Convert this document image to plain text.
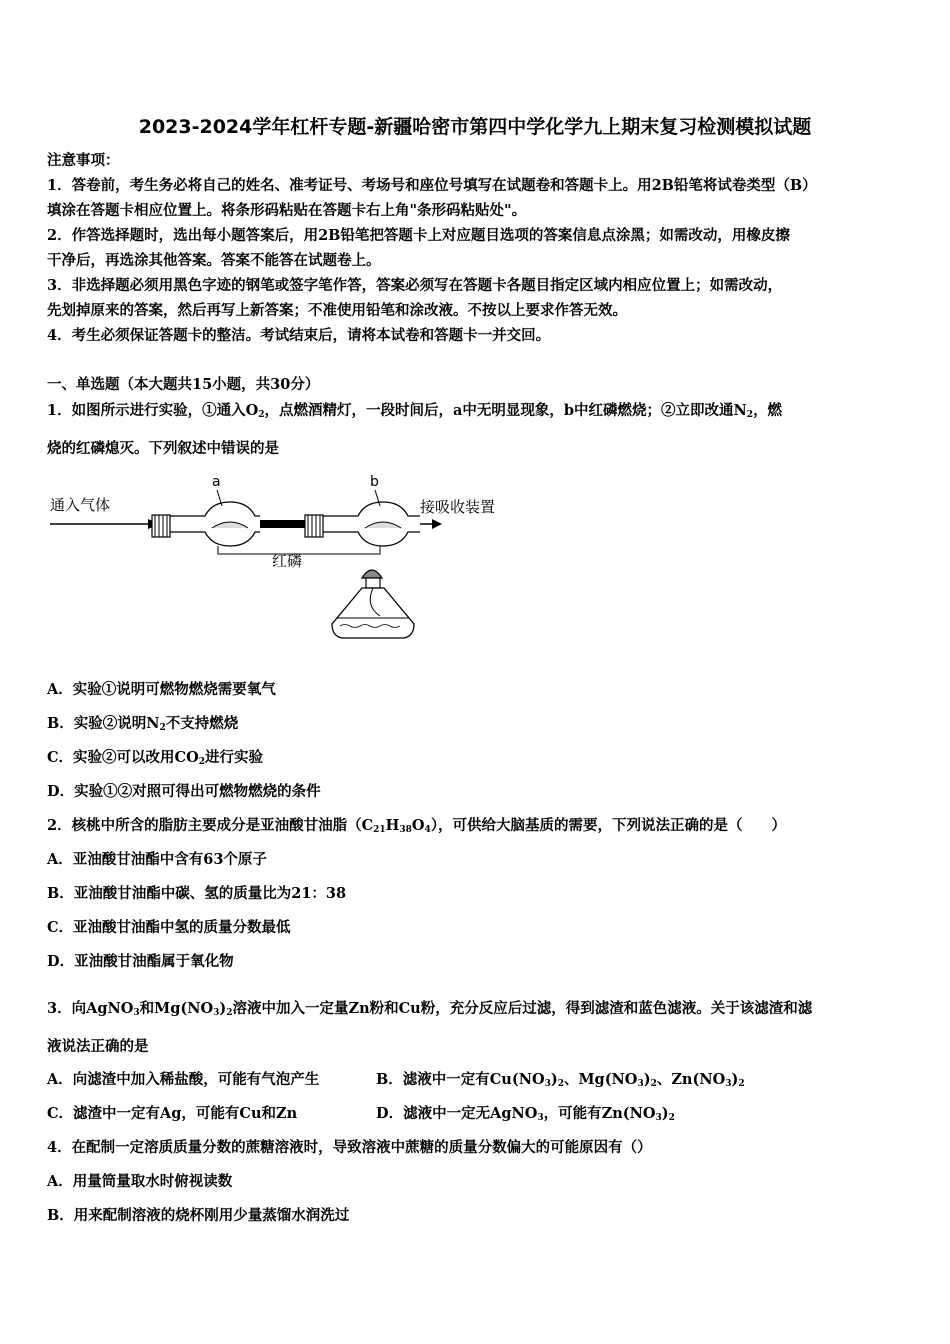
2023-2024学年杠杆专题-新疆哈密市第四中学化学九上期末复习检测模拟试题
注意事项：
1．答卷前，考生务必将自己的姓名、准考证号、考场号和座位号填写在试题卷和答题卡上。用2B铅笔将试卷类型（B）
填涂在答题卡相应位置上。将条形码粘贴在答题卡右上角"条形码粘贴处"。
2．作答选择题时，选出每小题答案后，用2B铅笔把答题卡上对应题目选项的答案信息点涂黑；如需改动，用橡皮擦
干净后，再选涂其他答案。答案不能答在试题卷上。
3．非选择题必须用黑色字迹的钢笔或签字笔作答，答案必须写在答题卡各题目指定区域内相应位置上；如需改动，
先划掉原来的答案，然后再写上新答案；不准使用铅笔和涂改液。不按以上要求作答无效。
4．考生必须保证答题卡的整洁。考试结束后，请将本试卷和答题卡一并交回。
一、单选题（本大题共15小题，共30分）
1．如图所示进行实验，①通入$O_2$，点燃酒精灯，一段时间后，a中无明显现象，b中红磷燃烧；②立即改通$N_2$，燃
烧的红磷熄灭。下列叙述中错误的是
通入气体
a	b
接吸收装置
红磷
A．实验①说明可燃物燃烧需要氧气
B．实验②说明$N_2$不支持燃烧
C．实验②可以改用$CO_2$进行实验
D．实验①②对照可得出可燃物燃烧的条件
2．核桃中所含的脂肪主要成分是亚油酸甘油脂$(C_{21}H_{38}O_4)$，可供给大脑基质的需要，下列说法正确的是（　　）
A．亚油酸甘油酯中含有63个原子
B．亚油酸甘油酯中碳、氢的质量比为21：38
C．亚油酸甘油酯中氢的质量分数最低
D．亚油酸甘油酯属于氧化物
3．向AgNO$_3$和$Mg(NO_3)_2$溶液中加入一定量Zn粉和Cu粉，充分反应后过滤，得到滤渣和蓝色滤液。关于该滤渣和滤
液说法正确的是
A．向滤渣中加入稀盐酸，可能有气泡产生	B．滤液中一定有$Cu(NO_3)_2$、$Mg(NO_3)_2$、$Zn(NO_3)_2$
C．滤渣中一定有Ag，可能有Cu和Zn	D．滤液中一定无AgNO$_3$，可能有$Zn(NO_3)_2$
4．在配制一定溶质质量分数的蔗糖溶液时，导致溶液中蔗糖的质量分数偏大的可能原因有（）
A．用量筒量取水时俯视读数
B．用来配制溶液的烧杯刚用少量蒸馏水润洗过
